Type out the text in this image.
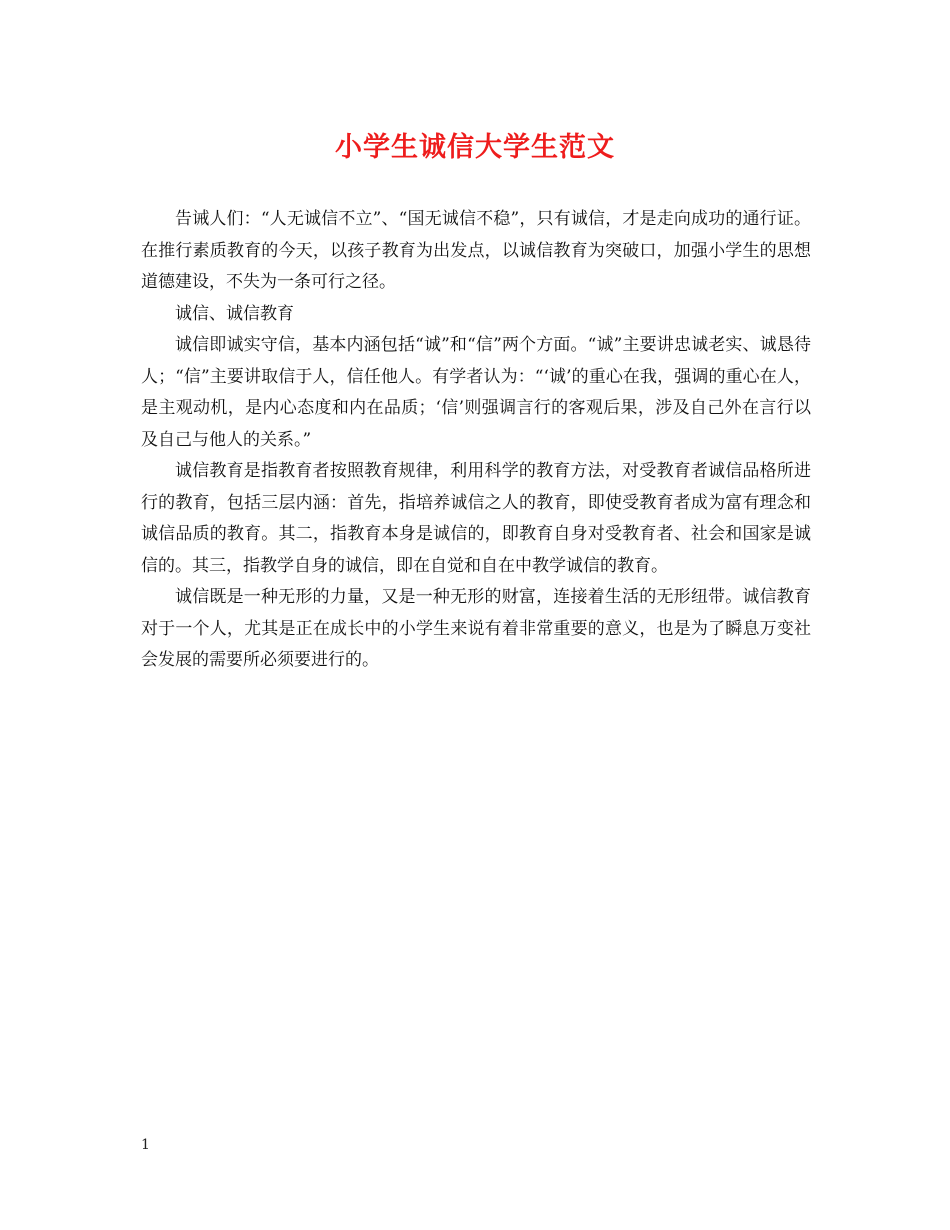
小学生诚信大学生范文

告诫人们：“人无诚信不立”、“国无诚信不稳”，只有诚信，才是走向成功的通行证。在推行素质教育的今天，以孩子教育为出发点，以诚信教育为突破口，加强小学生的思想道德建设，不失为一条可行之径。

诚信、诚信教育

诚信即诚实守信，基本内涵包括“诚”和“信”两个方面。“诚”主要讲忠诚老实、诚恳待人；“信”主要讲取信于人，信任他人。有学者认为：“‘诚’的重心在我，强调的重心在人，是主观动机，是内心态度和内在品质；‘信’则强调言行的客观后果，涉及自己外在言行以及自己与他人的关系。”

诚信教育是指教育者按照教育规律，利用科学的教育方法，对受教育者诚信品格所进行的教育，包括三层内涵：首先，指培养诚信之人的教育，即使受教育者成为富有理念和诚信品质的教育。其二，指教育本身是诚信的，即教育自身对受教育者、社会和国家是诚信的。其三，指教学自身的诚信，即在自觉和自在中教学诚信的教育。

诚信既是一种无形的力量，又是一种无形的财富，连接着生活的无形纽带。诚信教育对于一个人，尤其是正在成长中的小学生来说有着非常重要的意义，也是为了瞬息万变社会发展的需要所必须要进行的。

1
